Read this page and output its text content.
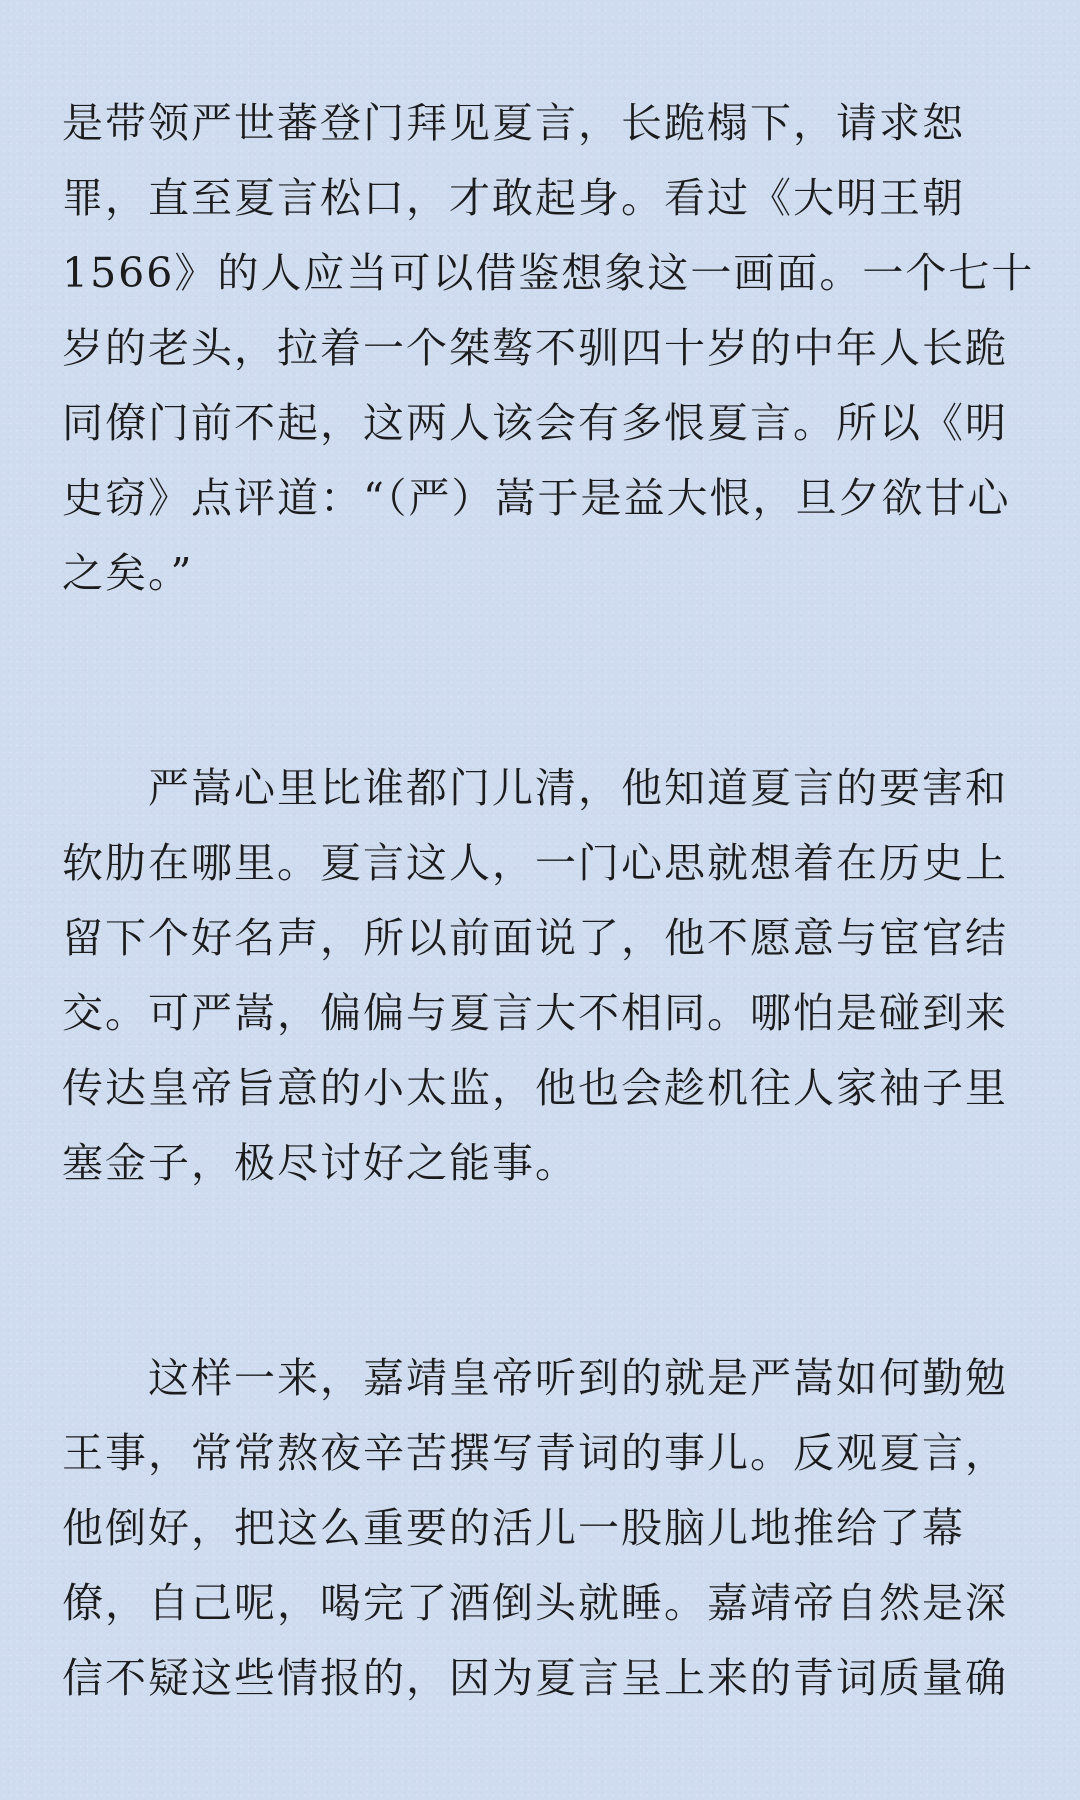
是带领严世蕃登门拜见夏言，长跪榻下，请求恕
罪，直至夏言松口，才敢起身。看过《大明王朝
1566》的人应当可以借鉴想象这一画面。一个七十
岁的老头，拉着一个桀骜不驯四十岁的中年人长跪
同僚门前不起，这两人该会有多恨夏言。所以《明
史窃》点评道：“（严）嵩于是益大恨，旦夕欲甘心
之矣。”
严嵩心里比谁都门儿清，他知道夏言的要害和
软肋在哪里。夏言这人，一门心思就想着在历史上
留下个好名声，所以前面说了，他不愿意与宦官结
交。可严嵩，偏偏与夏言大不相同。哪怕是碰到来
传达皇帝旨意的小太监，他也会趁机往人家袖子里
塞金子，极尽讨好之能事。
这样一来，嘉靖皇帝听到的就是严嵩如何勤勉
王事，常常熬夜辛苦撰写青词的事儿。反观夏言，
他倒好，把这么重要的活儿一股脑儿地推给了幕
僚，自己呢，喝完了酒倒头就睡。嘉靖帝自然是深
信不疑这些情报的，因为夏言呈上来的青词质量确
